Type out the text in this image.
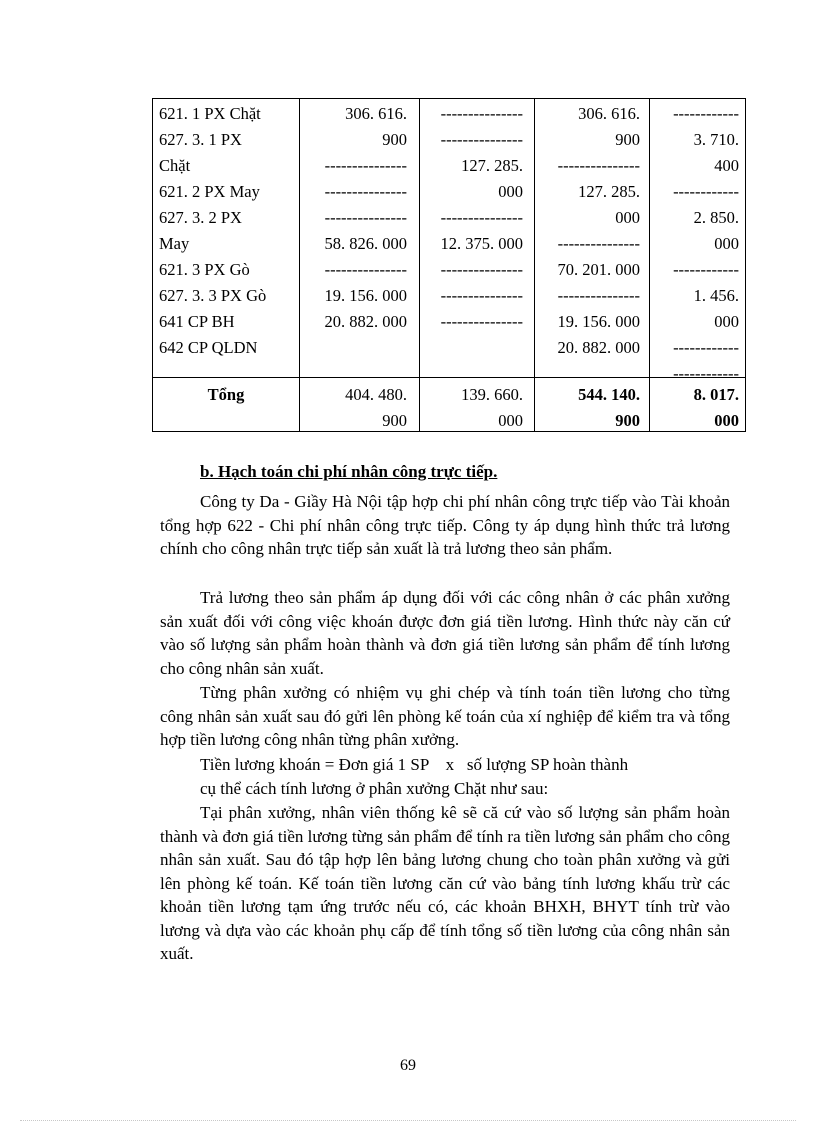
621. 1 PX Chặt
627. 3. 1 PX
Chặt
621. 2 PX May
627. 3. 2 PX
May
621. 3 PX Gò
627. 3. 3 PX Gò
641 CP BH
642 CP QLDN
306. 616.
900
---------------
---------------
---------------
58. 826. 000
---------------
19. 156. 000
20. 882. 000
---------------
---------------
127. 285.
000
---------------
12. 375. 000
---------------
---------------
---------------
306. 616.
900
---------------
127. 285.
000
---------------
70. 201. 000
---------------
19. 156. 000
20. 882. 000
------------
3. 710.
400
------------
2. 850.
000
------------
1. 456.
000
------------
------------
Tổng	404. 480.
900
139. 660.
000
544. 140.
900
8. 017.
000
b. Hạch toán chi phí nhân công trực tiếp.
Công ty Da - Giầy Hà Nội tập hợp chi phí nhân công trực tiếp vào Tài khoản tổng hợp 622 - Chi phí nhân công trực tiếp. Công ty áp dụng hình thức trả lương chính cho công nhân trực tiếp sản xuất là trả lương theo sản phẩm.
Trả lương theo sản phẩm áp dụng đối với các công nhân ở các phân xưởng sản xuất đối với công việc khoán được đơn giá tiền lương. Hình thức này căn cứ vào số lượng sản phẩm hoàn thành và đơn giá tiền lương sản phẩm để tính lương cho công nhân sản xuất.
Từng phân xưởng có nhiệm vụ ghi chép và tính toán tiền lương cho từng công nhân sản xuất sau đó gửi lên phòng kế toán của xí nghiệp để kiểm tra và tổng hợp tiền lương công nhân từng phân xưởng.
Tiền lương khoán = Đơn giá 1 SP    x   số lượng SP hoàn thành
cụ thể cách tính lương ở phân xưởng Chặt như sau:
Tại phân xưởng, nhân viên thống kê sẽ că cứ vào số lượng sản phẩm hoàn thành và đơn giá tiền lương từng sản phẩm để tính ra tiền lương sản phẩm cho công nhân sản xuất. Sau đó tập hợp lên bảng lương chung cho toàn phân xưởng và gửi lên phòng kế toán. Kế toán tiền lương căn cứ vào bảng tính lương khấu trừ các khoản tiền lương tạm ứng trước nếu có, các khoản BHXH, BHYT tính trừ vào lương và dựa vào các khoản phụ cấp để tính tổng số tiền lương của công nhân sản xuất.
69
